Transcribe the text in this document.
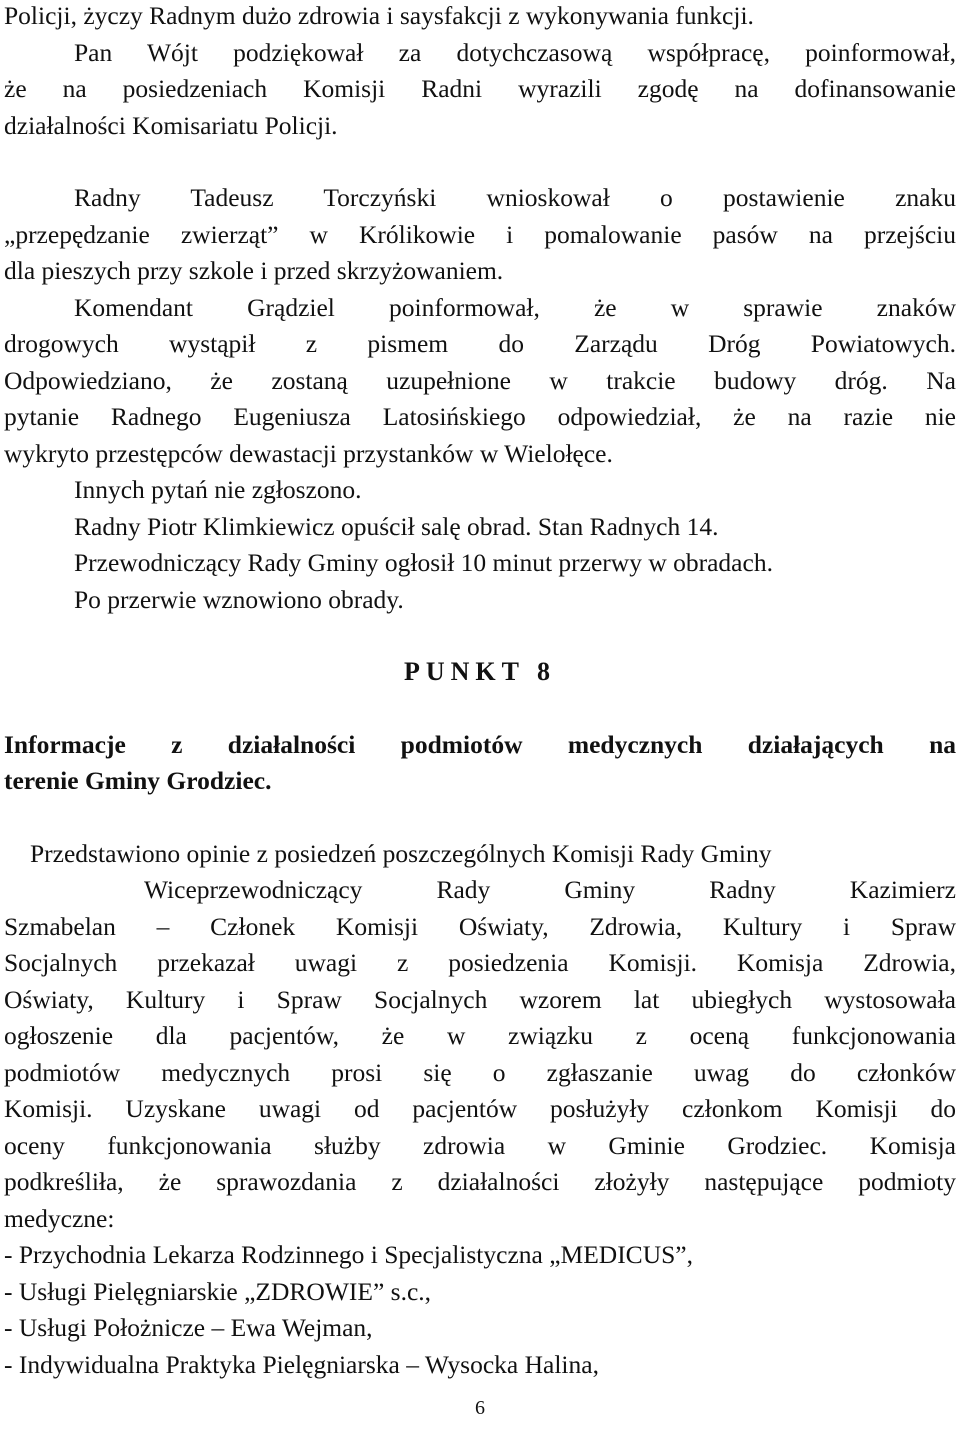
Policji, życzy Radnym dużo zdrowia i saysfakcji z wykonywania funkcji.
Pan Wójt podziękował za dotychczasową współpracę, poinformował,
że na posiedzeniach Komisji Radni wyrazili zgodę na dofinansowanie
działalności Komisariatu Policji.
Radny Tadeusz Torczyński wnioskował o postawienie znaku
„przepędzanie zwierząt” w Królikowie i pomalowanie pasów na przejściu
dla pieszych przy szkole i przed skrzyżowaniem.
Komendant Grądziel poinformował, że w sprawie znaków
drogowych wystąpił z pismem do Zarządu Dróg Powiatowych.
Odpowiedziano, że zostaną uzupełnione w trakcie budowy dróg. Na
pytanie Radnego Eugeniusza Latosińskiego odpowiedział, że na razie nie
wykryto przestępców dewastacji przystanków w Wielołęce.
Innych pytań nie zgłoszono.
Radny Piotr Klimkiewicz opuścił salę obrad. Stan Radnych 14.
Przewodniczący Rady Gminy ogłosił 10 minut przerwy w obradach.
Po przerwie wznowiono obrady.
PUNKT 8
Informacje z działalności podmiotów medycznych działających na
terenie Gminy Grodziec.
Przedstawiono opinie z posiedzeń poszczególnych Komisji Rady Gminy
Wiceprzewodniczący Rady Gminy Radny Kazimierz
Szmabelan – Członek Komisji Oświaty, Zdrowia, Kultury i Spraw
Socjalnych przekazał uwagi z posiedzenia Komisji. Komisja Zdrowia,
Oświaty, Kultury i Spraw Socjalnych wzorem lat ubiegłych wystosowała
ogłoszenie dla pacjentów, że w związku z oceną funkcjonowania
podmiotów medycznych prosi się o zgłaszanie uwag do członków
Komisji. Uzyskane uwagi od pacjentów posłużyły członkom Komisji do
oceny funkcjonowania służby zdrowia w Gminie Grodziec. Komisja
podkreśliła, że sprawozdania z działalności złożyły następujące podmioty
medyczne:
- Przychodnia Lekarza Rodzinnego i Specjalistyczna „MEDICUS”,
- Usługi Pielęgniarskie „ZDROWIE” s.c.,
- Usługi Położnicze – Ewa Wejman,
- Indywidualna Praktyka Pielęgniarska – Wysocka Halina,
6
